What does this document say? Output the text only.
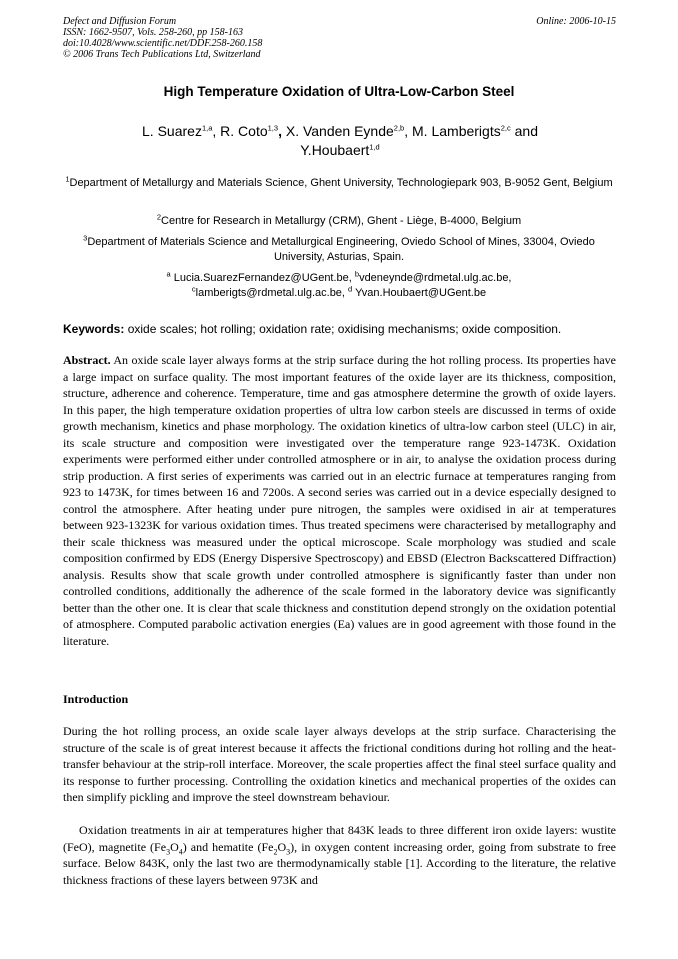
Defect and Diffusion Forum
ISSN: 1662-9507, Vols. 258-260, pp 158-163
doi:10.4028/www.scientific.net/DDF.258-260.158
© 2006 Trans Tech Publications Ltd, Switzerland
Online: 2006-10-15
High Temperature Oxidation of Ultra-Low-Carbon Steel
L. Suarez$^{1,a}$, R. Coto$^{1,3}$, X. Vanden Eynde$^{2,b}$, M. Lamberigts$^{2,c}$ and
Y.Houbaert$^{1,d}$
$^1$Department of Metallurgy and Materials Science, Ghent University, Technologiepark 903, B-9052 Gent, Belgium
$^2$Centre for Research in Metallurgy (CRM), Ghent - Liège, B-4000, Belgium
$^3$Department of Materials Science and Metallurgical Engineering, Oviedo School of Mines, 33004, Oviedo University, Asturias, Spain.
$^a$ Lucia.SuarezFernandez@UGent.be, $^b$vdeneynde@rdmetal.ulg.ac.be,
$^c$lamberigts@rdmetal.ulg.ac.be, $^d$ Yvan.Houbaert@UGent.be
Keywords: oxide scales; hot rolling; oxidation rate; oxidising mechanisms; oxide composition.
Abstract. An oxide scale layer always forms at the strip surface during the hot rolling process. Its properties have a large impact on surface quality. The most important features of the oxide layer are its thickness, composition, structure, adherence and coherence. Temperature, time and gas atmosphere determine the growth of oxide layers. In this paper, the high temperature oxidation properties of ultra low carbon steels are discussed in terms of oxide growth mechanism, kinetics and phase morphology. The oxidation kinetics of ultra-low carbon steel (ULC) in air, its scale structure and composition were investigated over the temperature range 923-1473K. Oxidation experiments were performed either under controlled atmosphere or in air, to analyse the oxidation process during strip production. A first series of experiments was carried out in an electric furnace at temperatures ranging from 923 to 1473K, for times between 16 and 7200s. A second series was carried out in a device especially designed to control the atmosphere. After heating under pure nitrogen, the samples were oxidised in air at temperatures between 923-1323K for various oxidation times. Thus treated specimens were characterised by metallography and their scale thickness was measured under the optical microscope. Scale morphology was studied and scale composition confirmed by EDS (Energy Dispersive Spectroscopy) and EBSD (Electron Backscattered Diffraction) analysis. Results show that scale growth under controlled atmosphere is significantly faster than under non controlled conditions, additionally the adherence of the scale formed in the laboratory device was significantly better than the other one. It is clear that scale thickness and constitution depend strongly on the oxidation potential of atmosphere. Computed parabolic activation energies (Ea) values are in good agreement with those found in the literature.
Introduction
During the hot rolling process, an oxide scale layer always develops at the strip surface. Characterising the structure of the scale is of great interest because it affects the frictional conditions during hot rolling and the heat-transfer behaviour at the strip-roll interface. Moreover, the scale properties affect the final steel surface quality and its response to further processing. Controlling the oxidation kinetics and mechanical properties of the oxides can then simplify pickling and improve the steel downstream behaviour.
Oxidation treatments in air at temperatures higher that 843K leads to three different iron oxide layers: wustite (FeO), magnetite $(Fe_3O_4)$ and hematite $(Fe_2O_3)$, in oxygen content increasing order, going from substrate to free surface. Below 843K, only the last two are thermodynamically stable [1]. According to the literature, the relative thickness fractions of these layers between 973K and
